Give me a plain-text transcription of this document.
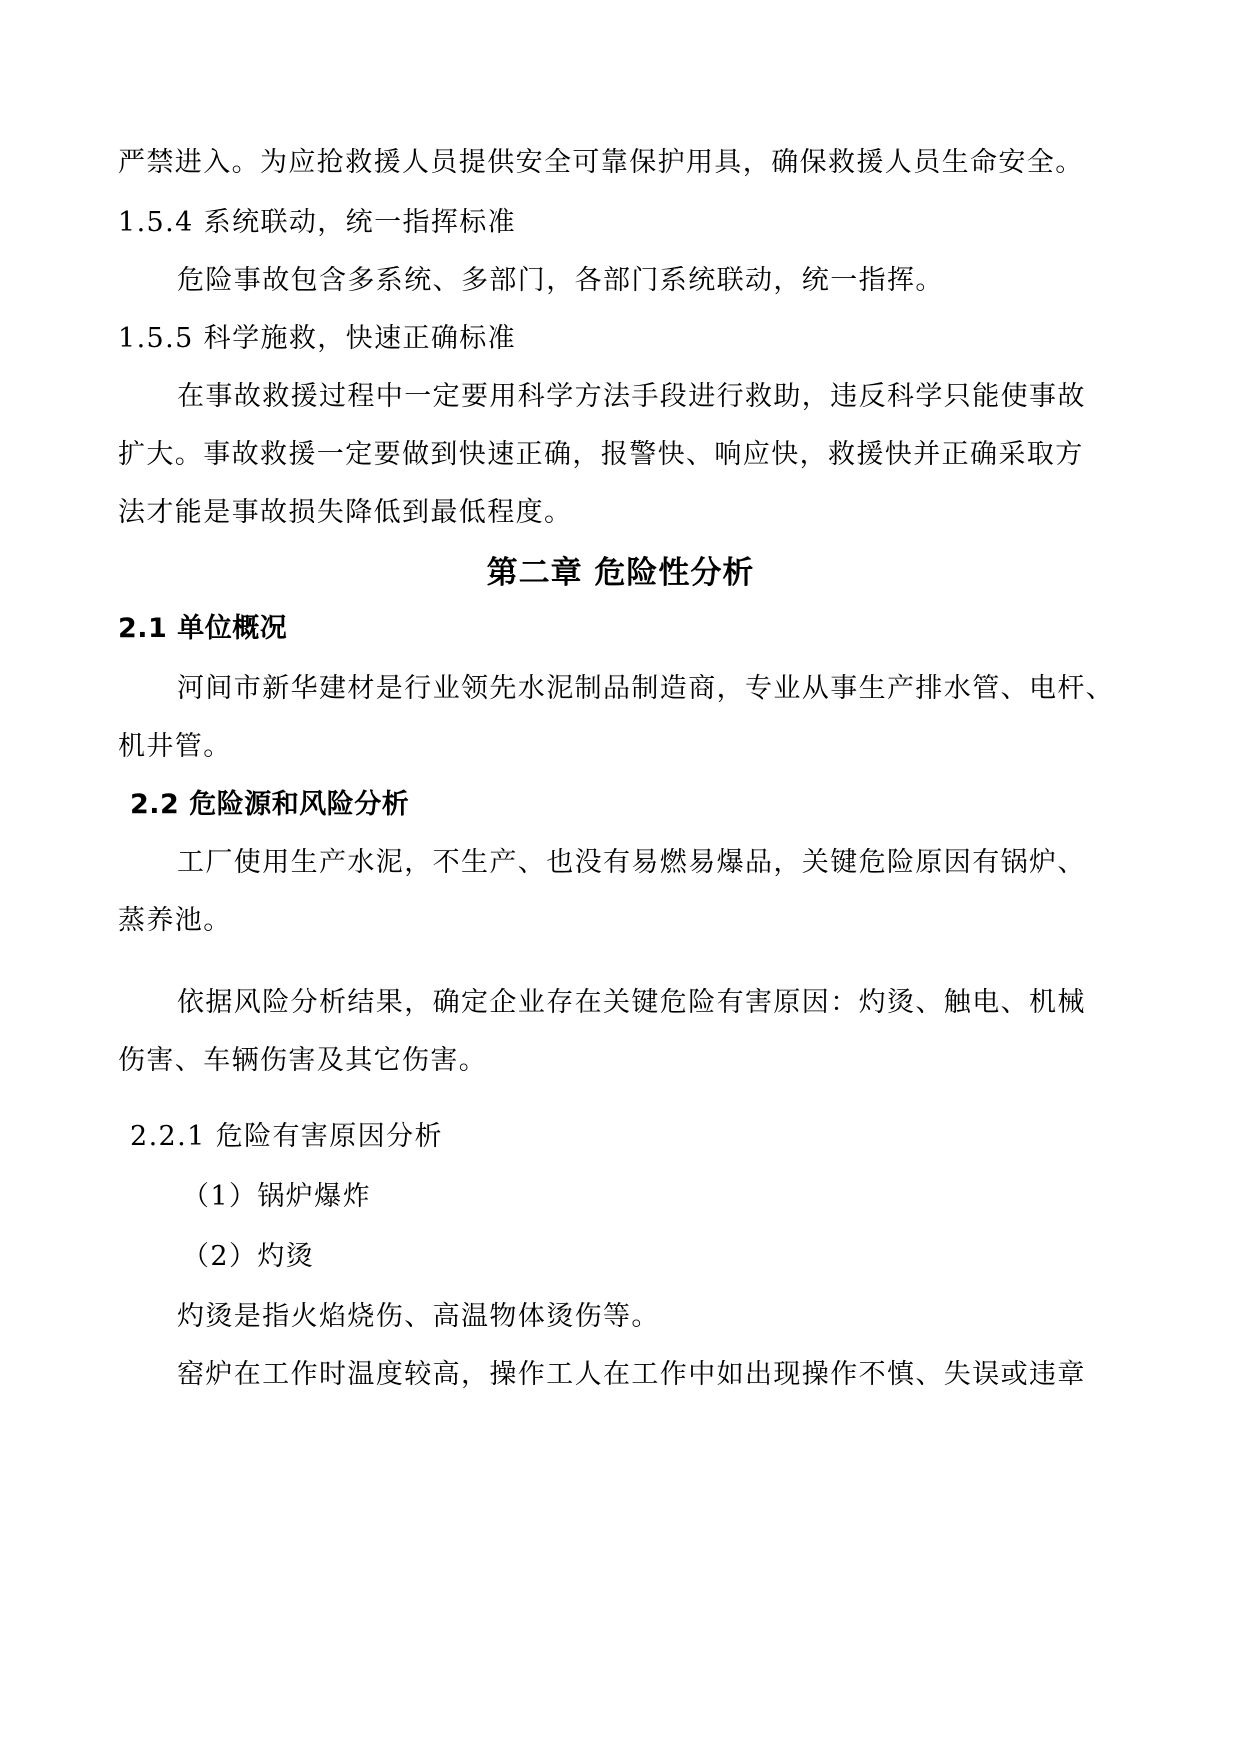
严禁进入。为应抢救援人员提供安全可靠保护用具，确保救援人员生命安全。
1.5.4 系统联动，统一指挥标准
危险事故包含多系统、多部门，各部门系统联动，统一指挥。
1.5.5 科学施救，快速正确标准
在事故救援过程中一定要用科学方法手段进行救助，违反科学只能使事故
扩大。事故救援一定要做到快速正确，报警快、响应快，救援快并正确采取方
法才能是事故损失降低到最低程度。
第二章 危险性分析
2.1 单位概况
河间市新华建材是行业领先水泥制品制造商，专业从事生产排水管、电杆、
机井管。
2.2 危险源和风险分析
工厂使用生产水泥，不生产、也没有易燃易爆品，关键危险原因有锅炉、
蒸养池。
依据风险分析结果，确定企业存在关键危险有害原因：灼烫、触电、机械
伤害、车辆伤害及其它伤害。
2.2.1 危险有害原因分析
（1）锅炉爆炸
（2）灼烫
灼烫是指火焰烧伤、高温物体烫伤等。
窑炉在工作时温度较高，操作工人在工作中如出现操作不慎、失误或违章
